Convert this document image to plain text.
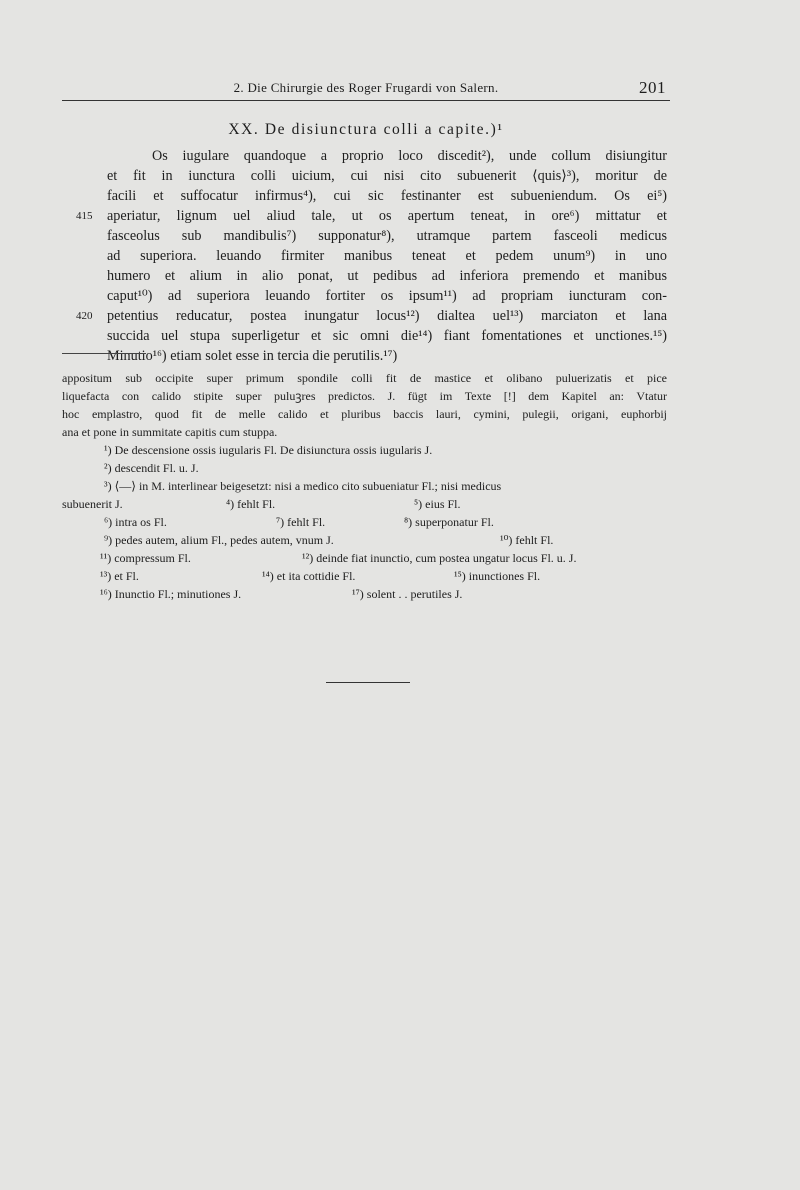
2. Die Chirurgie des Roger Frugardi von Salern.	201
XX. De disiunctura colli a capite.)¹
Os iugulare quandoque a proprio loco discedit²), unde collum disiungitur
et fit in iunctura colli uicium, cui nisi cito subuenerit ⟨quis⟩³), moritur de
facili et suffocatur infirmus⁴), cui sic festinanter est subueniendum. Os ei⁵)
415 aperiatur, lignum uel aliud tale, ut os apertum teneat, in ore⁶) mittatur et
fasceolus sub mandibulis⁷) supponatur⁸), utramque partem fasceoli medicus
ad superiora. leuando firmiter manibus teneat et pedem unum⁹) in uno
humero et alium in alio ponat, ut pedibus ad inferiora premendo et manibus
caput¹⁰) ad superiora leuando fortiter os ipsum¹¹) ad propriam iuncturam con-
420 petentius reducatur, postea inungatur locus¹²) dialtea uel¹³) marciaton et lana
succida uel stupa superligetur et sic omni die¹⁴) fiant fomentationes et unctiones.¹⁵)
Minutio¹⁶) etiam solet esse in tercia die perutilis.¹⁷)
appositum sub occipite super primum spondile colli fit de mastice et olibano puluerizatis et pice
liquefacta con calido stipite super puluꝫres predictos. J. fügt im Texte [!] dem Kapitel an: Vtatur
hoc emplastro, quod fit de melle calido et pluribus baccis lauri, cymini, pulegii, origani, euphorbij
ana et pone in summitate capitis cum stuppa.
¹) De descensione ossis iugularis Fl. De disiunctura ossis iugularis J.
²) descendit Fl. u. J.
³) ⟨—⟩ in M. interlinear beigesetzt: nisi a medico cito subueniatur Fl.; nisi medicus
subuenerit J.	⁴) fehlt Fl.	⁵) eius Fl.
⁶) intra os Fl.	⁷) fehlt Fl.	⁸) superponatur Fl.
⁹) pedes autem, alium Fl., pedes autem, vnum J.	¹⁰) fehlt Fl.
¹¹) compressum Fl.	¹²) deinde fiat inunctio, cum postea ungatur locus Fl. u. J.
¹³) et Fl.	¹⁴) et ita cottidie Fl.	¹⁵) inunctiones Fl.
¹⁶) Inunctio Fl.; minutiones J.	¹⁷) solent . . perutiles J.
